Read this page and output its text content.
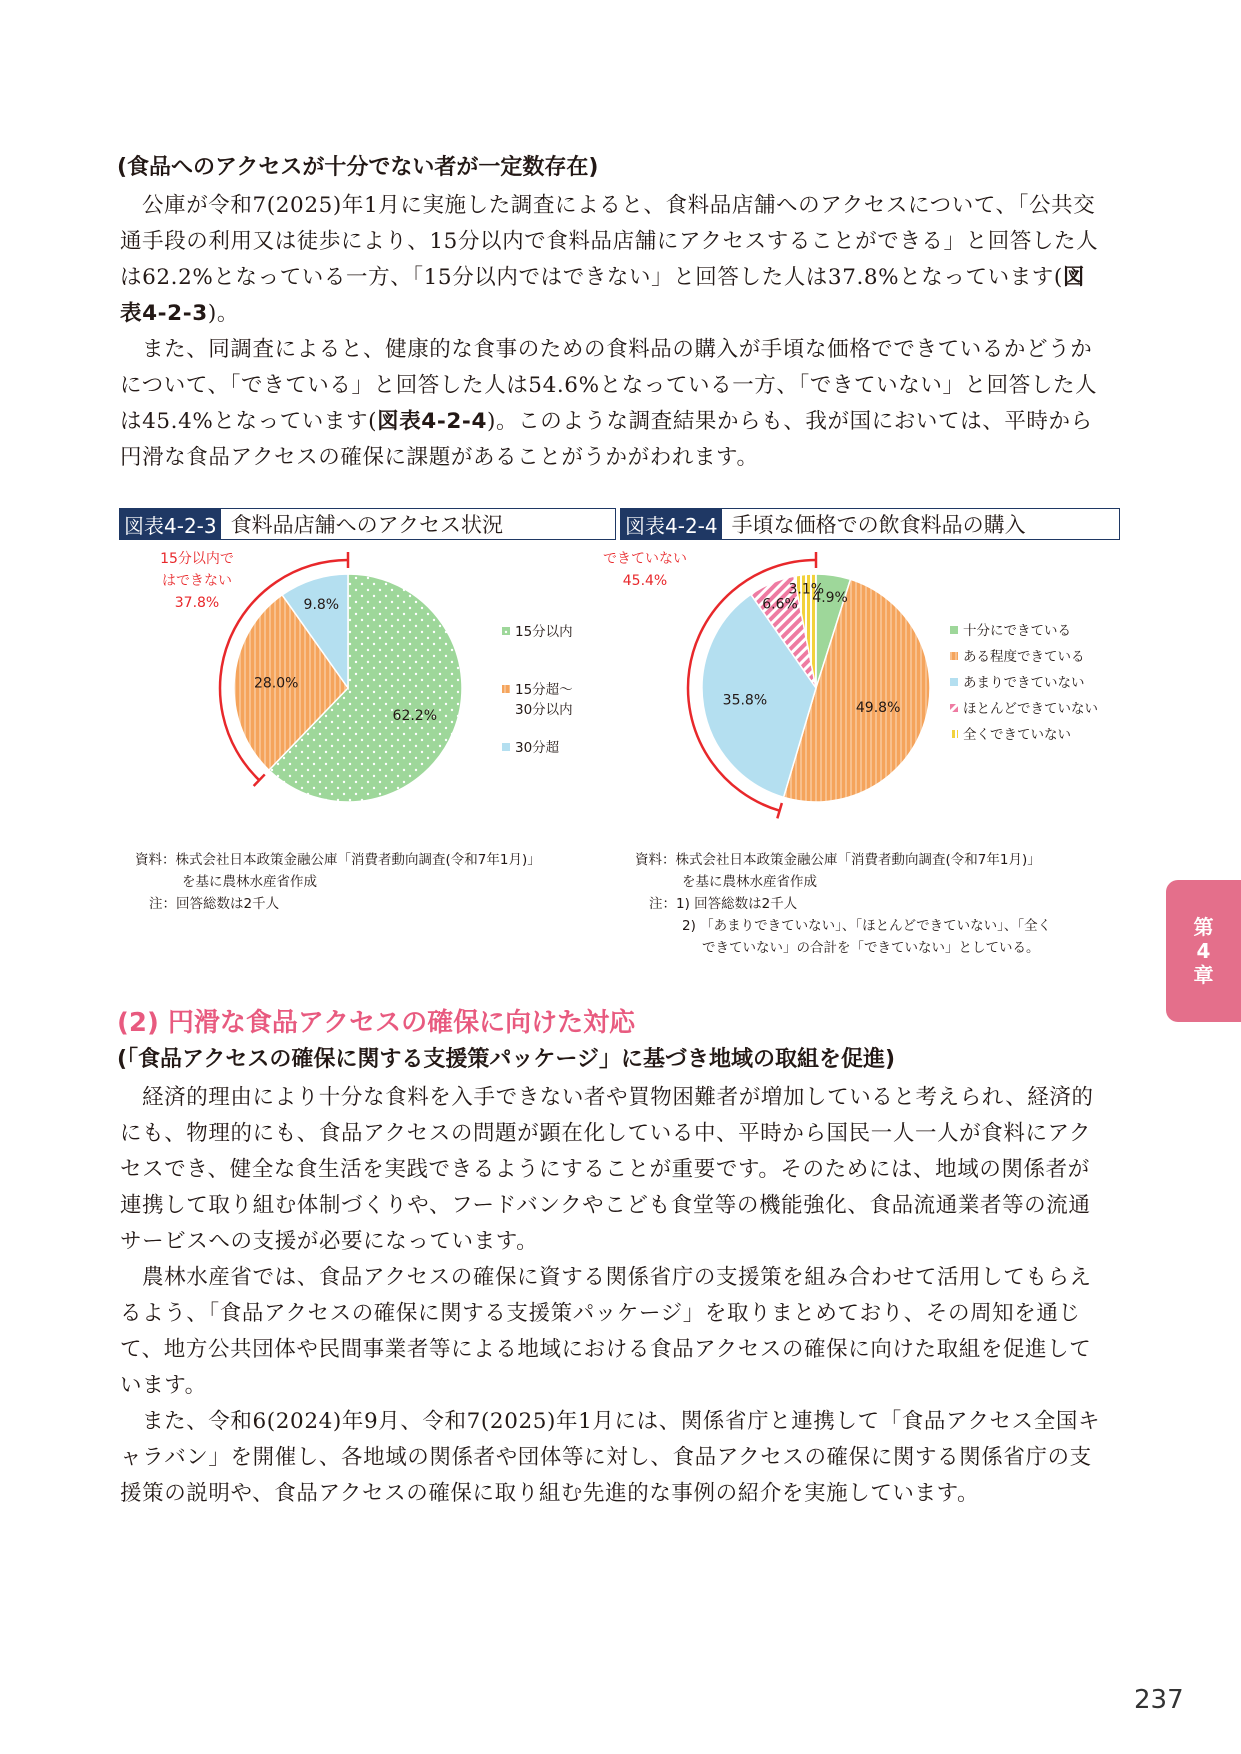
(食品へのアクセスが十分でない者が一定数存在)

公庫が令和7(2025)年1月に実施した調査によると、食料品店舗へのアクセスについて、「公共交通手段の利用又は徒歩により、15分以内で食料品店舗にアクセスすることができる」と回答した人は62.2%となっている一方、「15分以内ではできない」と回答した人は37.8%となっています(図表4-2-3)。

また、同調査によると、健康的な食事のための食料品の購入が手頃な価格でできているかどうかについて、「できている」と回答した人は54.6%となっている一方、「できていない」と回答した人は45.4%となっています(図表4-2-4)。このような調査結果からも、我が国においては、平時から円滑な食品アクセスの確保に課題があることがうかがわれます。

図表4-2-3 食料品店舗へのアクセス状況	図表4-2-4 手頃な価格での飲食料品の購入
62.2%
28.0%
9.8%
15分以内で
はできない
37.8%
15分以内
15分超～
30分以内
30分超
4.9%
49.8%
35.8%
6.6%
3.1%
できていない
45.4%
十分にできている
ある程度できている
あまりできていない
ほとんどできていない
全くできていない
資料：株式会社日本政策金融公庫「消費者動向調査(令和7年1月)」
を基に農林水産省作成
注：回答総数は2千人
資料：株式会社日本政策金融公庫「消費者動向調査(令和7年1月)」
を基に農林水産省作成
注：1) 回答総数は2千人
2) 「あまりできていない」、「ほとんどできていない」、「全く
できていない」の合計を「できていない」としている。
(2) 円滑な食品アクセスの確保に向けた対応
(「食品アクセスの確保に関する支援策パッケージ」に基づき地域の取組を促進)

経済的理由により十分な食料を入手できない者や買物困難者が増加していると考えられ、経済的にも、物理的にも、食品アクセスの問題が顕在化している中、平時から国民一人一人が食料にアクセスでき、健全な食生活を実践できるようにすることが重要です。そのためには、地域の関係者が連携して取り組む体制づくりや、フードバンクやこども食堂等の機能強化、食品流通業者等の流通サービスへの支援が必要になっています。

農林水産省では、食品アクセスの確保に資する関係省庁の支援策を組み合わせて活用してもらえるよう、「食品アクセスの確保に関する支援策パッケージ」を取りまとめており、その周知を通じて、地方公共団体や民間事業者等による地域における食品アクセスの確保に向けた取組を促進しています。

また、令和6(2024)年9月、令和7(2025)年1月には、関係省庁と連携して「食品アクセス全国キャラバン」を開催し、各地域の関係者や団体等に対し、食品アクセスの確保に関する関係省庁の支援策の説明や、食品アクセスの確保に取り組む先進的な事例の紹介を実施しています。

第
4
章
237
